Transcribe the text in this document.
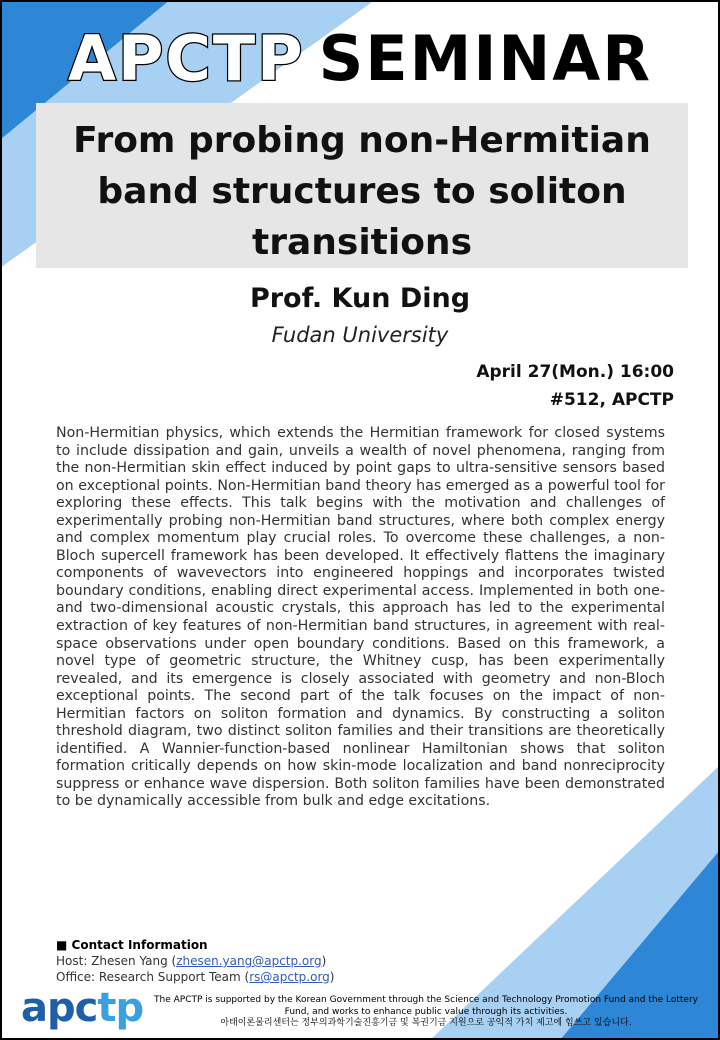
APCTP SEMINAR
From probing non-Hermitian
band structures to soliton
transitions
Prof. Kun Ding
Fudan University
April 27(Mon.) 16:00
#512, APCTP
Non-Hermitian physics, which extends the Hermitian framework for closed systems to include dissipation and gain, unveils a wealth of novel phenomena, ranging from the non-Hermitian skin effect induced by point gaps to ultra-sensitive sensors based on exceptional points. Non-Hermitian band theory has emerged as a powerful tool for exploring these effects. This talk begins with the motivation and challenges of experimentally probing non-Hermitian band structures, where both complex energy and complex momentum play crucial roles. To overcome these challenges, a non-Bloch supercell framework has been developed. It effectively flattens the imaginary components of wavevectors into engineered hoppings and incorporates twisted boundary conditions, enabling direct experimental access. Implemented in both one- and two-dimensional acoustic crystals, this approach has led to the experimental extraction of key features of non-Hermitian band structures, in agreement with real-space observations under open boundary conditions. Based on this framework, a novel type of geometric structure, the Whitney cusp, has been experimentally revealed, and its emergence is closely associated with geometry and non-Bloch exceptional points. The second part of the talk focuses on the impact of non-Hermitian factors on soliton formation and dynamics. By constructing a soliton threshold diagram, two distinct soliton families and their transitions are theoretically identified. A Wannier-function-based nonlinear Hamiltonian shows that soliton formation critically depends on how skin-mode localization and band nonreciprocity suppress or enhance wave dispersion. Both soliton families have been demonstrated to be dynamically accessible from bulk and edge excitations.
■ Contact Information
Host: Zhesen Yang (zhesen.yang@apctp.org)
Office: Research Support Team (rs@apctp.org)
apctp	The APCTP is supported by the Korean Government through the Science and Technology Promotion Fund and the Lottery
Fund, and works to enhance public value through its activities.
아태이론물리센터는 정부의과학기술진흥기금 및 복권기금 지원으로 공익적 가치 제고에 힘쓰고 있습니다.
